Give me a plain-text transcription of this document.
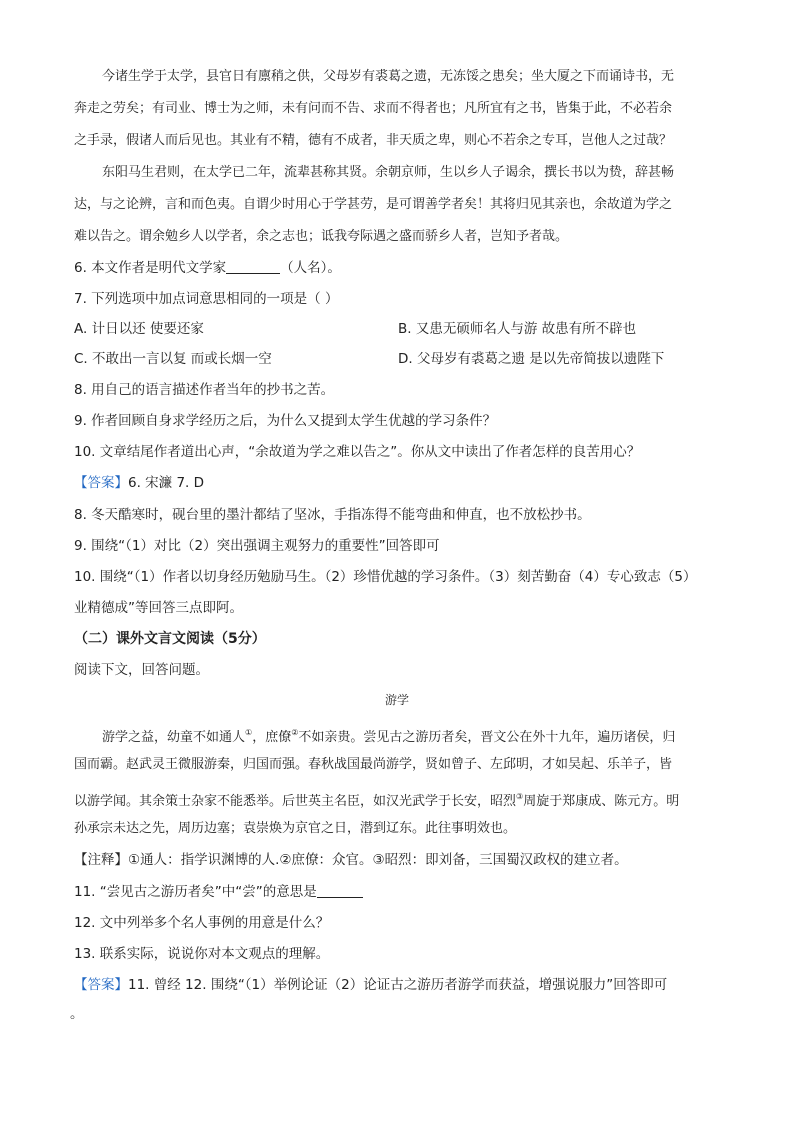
今诸生学于太学，县官日有廪稍之供，父母岁有裘葛之遗，无冻馁之患矣；坐大厦之下而诵诗书，无
奔走之劳矣；有司业、博士为之师，未有问而不告、求而不得者也；凡所宜有之书，皆集于此，不必若余
之手录，假诸人而后见也。其业有不精，德有不成者，非天质之卑，则心不若余之专耳，岂他人之过哉？
东阳马生君则，在太学已二年，流辈甚称其贤。余朝京师，生以乡人子谒余，撰长书以为贽，辞甚畅
达，与之论辨，言和而色夷。自谓少时用心于学甚劳，是可谓善学者矣！其将归见其亲也，余故道为学之
难以告之。谓余勉乡人以学者，余之志也；诋我夸际遇之盛而骄乡人者，岂知予者哉。
6. 本文作者是明代文学家	（人名）。
7. 下列选项中加点词意思相同的一项是（ ）
A. 计日以还 使要还家	B. 又患无硕师名人与游 故患有所不辟也
C. 不敢出一言以复 而或长烟一空	D. 父母岁有裘葛之遗 是以先帝简拔以遗陛下
8. 用自己的语言描述作者当年的抄书之苦。
9. 作者回顾自身求学经历之后，为什么又提到太学生优越的学习条件？
10. 文章结尾作者道出心声，“余故道为学之难以告之”。你从文中读出了作者怎样的良苦用心？
【答案】6. 宋濂 7. D
8. 冬天酷寒时，砚台里的墨汁都结了坚冰，手指冻得不能弯曲和伸直，也不放松抄书。
9. 围绕“（1）对比（2）突出强调主观努力的重要性”回答即可
10. 围绕“（1）作者以切身经历勉励马生。（2）珍惜优越的学习条件。（3）刻苦勤奋（4）专心致志（5）
业精德成”等回答三点即阿。
（二）课外文言文阅读（5分）
阅读下文，回答问题。
游学
游学之益，幼童不如通人①，庶僚②不如亲贵。尝见古之游历者矣，晋文公在外十九年，遍历诸侯，归
国而霸。赵武灵王微服游秦，归国而强。春秋战国最尚游学，贤如曾子、左邱明，才如吴起、乐羊子，皆
以游学闻。其余策士杂家不能悉举。后世英主名臣，如汉光武学于长安，昭烈③周旋于郑康成、陈元方。明
孙承宗未达之先，周历边塞；袁崇焕为京官之日，潜到辽东。此往事明效也。
【注释】①通人：指学识渊博的人.②庶僚：众官。③昭烈：即刘备，三国蜀汉政权的建立者。
11. “尝见古之游历者矣”中“尝”的意思是
12. 文中列举多个名人事例的用意是什么？
13. 联系实际，说说你对本文观点的理解。
【答案】11. 曾经 12. 围绕“（1）举例论证（2）论证古之游历者游学而获益，增强说服力”回答即可
。
